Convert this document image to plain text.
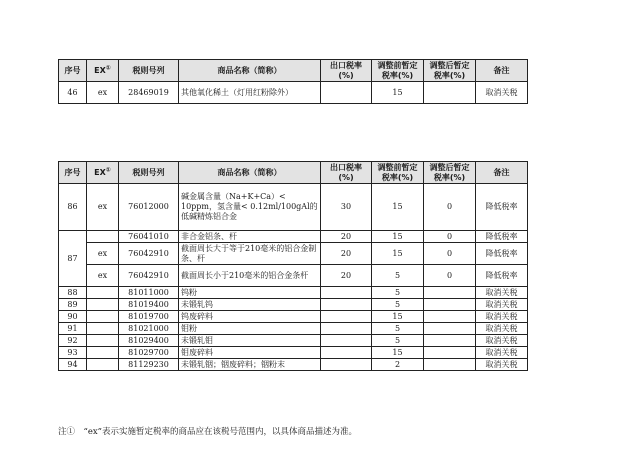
序号	EX①	税则号列	商品名称（简称）	出口税率(%)	调整前暂定税率(%)	调整后暂定税率(%)	备注
46	ex	28469019	其他氧化稀土（灯用红粉除外）		15		取消关税
序号	EX①	税则号列	商品名称（简称）	出口税率(%)	调整前暂定税率(%)	调整后暂定税率(%)	备注
86	ex	76012000	碱金属含量（Na+K+Ca）< 10ppm，氢含量< 0.12ml/100gAl的低碱精炼铝合金	30	15	0	降低税率
87		76041010	非合金铝条、杆	20	15	0	降低税率
	ex	76042910	截面周长大于等于210毫米的铝合金制条、杆	20	15	0	降低税率
	ex	76042910	截面周长小于210毫米的铝合金条杆	20	5	0	降低税率
88		81011000	钨粉		5		取消关税
89		81019400	未锻轧钨		5		取消关税
90		81019700	钨废碎料		15		取消关税
91		81021000	钼粉		5		取消关税
92		81029400	未锻轧钼		5		取消关税
93		81029700	钼废碎料		15		取消关税
94		81129230	未锻轧铟；铟废碎料；铟粉末		2		取消关税
注①　“ex”表示实施暂定税率的商品应在该税号范围内，以具体商品描述为准。
